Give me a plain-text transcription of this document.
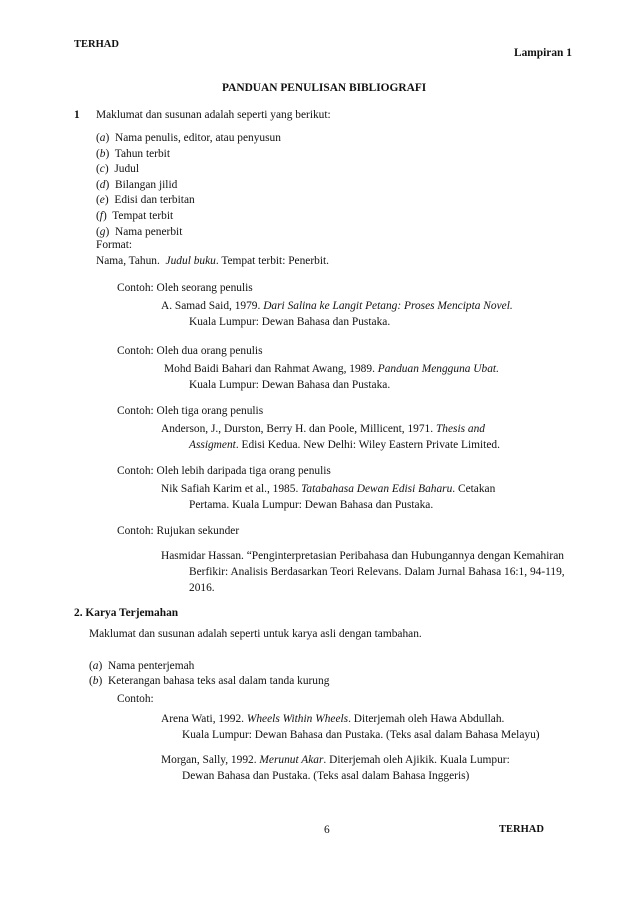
TERHAD
Lampiran 1
PANDUAN PENULISAN BIBLIOGRAFI
1 Maklumat dan susunan adalah seperti yang berikut:
(a)  Nama penulis, editor, atau penyusun
(b)  Tahun terbit
(c)  Judul
(d)  Bilangan jilid
(e)  Edisi dan terbitan
(f)  Tempat terbit
(g)  Nama penerbit
Format:
Nama, Tahun. Judul buku. Tempat terbit: Penerbit.
Contoh: Oleh seorang penulis
A. Samad Said, 1979. Dari Salina ke Langit Petang: Proses Mencipta Novel.
Kuala Lumpur: Dewan Bahasa dan Pustaka.
Contoh: Oleh dua orang penulis
Mohd Baidi Bahari dan Rahmat Awang, 1989. Panduan Mengguna Ubat.
Kuala Lumpur: Dewan Bahasa dan Pustaka.
Contoh: Oleh tiga orang penulis
Anderson, J., Durston, Berry H. dan Poole, Millicent, 1971. Thesis and
Assigment. Edisi Kedua. New Delhi: Wiley Eastern Private Limited.
Contoh: Oleh lebih daripada tiga orang penulis
Nik Safiah Karim et al., 1985. Tatabahasa Dewan Edisi Baharu. Cetakan
Pertama. Kuala Lumpur: Dewan Bahasa dan Pustaka.
Contoh: Rujukan sekunder
Hasmidar Hassan. “Penginterpretasian Peribahasa dan Hubungannya dengan Kemahiran
Berfikir: Analisis Berdasarkan Teori Relevans. Dalam Jurnal Bahasa 16:1, 94-119,
2016.
2. Karya Terjemahan
Maklumat dan susunan adalah seperti untuk karya asli dengan tambahan.
(a)  Nama penterjemah
(b)  Keterangan bahasa teks asal dalam tanda kurung
Contoh:
Arena Wati, 1992. Wheels Within Wheels. Diterjemah oleh Hawa Abdullah.
Kuala Lumpur: Dewan Bahasa dan Pustaka. (Teks asal dalam Bahasa Melayu)
Morgan, Sally, 1992. Merunut Akar. Diterjemah oleh Ajikik. Kuala Lumpur:
Dewan Bahasa dan Pustaka. (Teks asal dalam Bahasa Inggeris)
6	TERHAD
